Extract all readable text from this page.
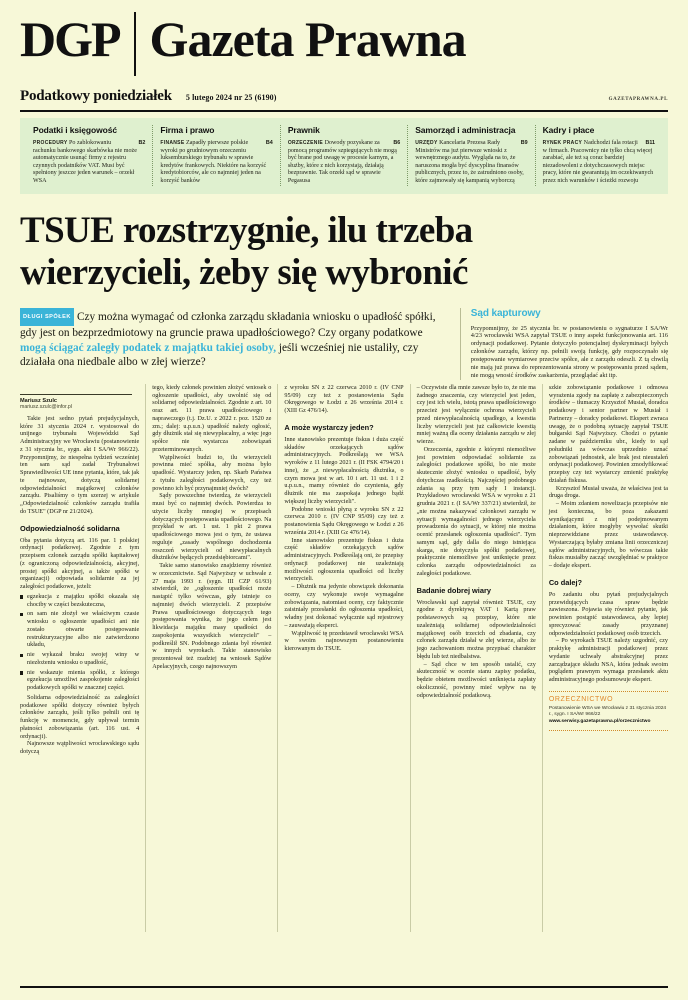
DGP Gazeta Prawna
Podatkowy poniedziałek 5 lutego 2024 nr 25 (6190)	GAZETAPRAWNA.PL
Podatki i księgowość

B2
PROCEDURY Po zablokowaniu rachunku bankowego skarbówka nie może automatycznie usunąć firmy z rejestru czynnych podatników VAT. Musi być spełniony jeszcze jeden warunek – orzekł WSA

Firma i prawo

B4
FINANSE Zapadły pierwsze polskie wyroki po grudniowym orzeczeniu luksemburskiego trybunału w sprawie kredytów frankowych. Niektóre na korzyść kredytobiorców, ale co najmniej jeden na korzyść banków

Prawnik

B6
ORZECZENIE Dowody pozyskane za pomocą programów szpiegujących nie mogą być brane pod uwagę w procesie karnym, a służby, które z nich korzystają, działają bezprawnie. Tak orzekł sąd w sprawie Pegasusa

Samorząd i administracja

B9
URZĘDY Kancelaria Prezesa Rady Ministrów ma już pierwsze wnioski z wewnętrznego audytu. Wygląda na to, że naruszona mogła być dyscyplina finansów publicznych, przez to, że zatrudniono osoby, które zajmowały się kampanią wyborczą

Kadry i płace

B11
RYNEK PRACY Nadchodzi fala rotacji w firmach. Pracownicy nie tylko chcą więcej zarabiać, ale też są coraz bardziej niezadowoleni z dotychczasowych miejsc pracy, które nie gwarantują im oczekiwanych przez nich warunków i ścieżki rozwoju

TSUE rozstrzygnie, ilu trzeba
wierzycieli, żeby się wybronić
DŁUGI SPÓŁEK Czy można wymagać od członka zarządu składania wniosku o upadłość spółki, gdy jest on bezprzedmiotowy na gruncie prawa upadłościowego? Czy organy podatkowe mogą ściągać zaległy podatek z majątku takiej osoby, jeśli wcześniej nie ustaliły, czy działała ona niedbale albo w złej wierze?
Sąd kapturowy

Przypomnijmy, że 25 stycznia br. w postanowieniu o sygnaturze I SA/Wr 4/23 wrocławski WSA zapytał TSUE o inny aspekt funkcjonowania art. 116 ordynacji podatkowej. Pytanie dotyczyło potencjalnej dyskryminacji byłych członków zarządu, którzy np. pełnili swoją funkcję, gdy rozpoczynało się postępowanie wymiarowe przeciw spółce, ale z zarządu odeszli. Z tą chwilą nie mają już prawa do reprezentowania strony w postępowaniu przed sądem, nie mogą wnosić środków zaskarżenia, przeglądać akt itp.

Mariusz Szulc
mariusz.szulc@infor.pl

Takie jest sedno pytań prejudycjalnych, które 31 stycznia 2024 r. wystosował do unijnego trybunału Wojewódzki Sąd Administracyjny we Wrocławiu (postanowienie z 31 stycznia br., sygn. akt I SA/Wr 966/22). Przypomnijmy, że niespełna tydzień wcześniej ten sam sąd zadał Trybunałowi Sprawiedliwości UE inne pytania, które, tak jak te najnowsze, dotyczą solidarnej odpowiedzialności majątkowej członków zarządu. Pisaliśmy o tym szerzej w artykule „Odpowiedzialność członków zarządu trafiła do TSUE" (DGP nr 21/2024).

Odpowiedzialność solidarna

Oba pytania dotyczą art. 116 par. 1 polskiej ordynacji podatkowej. Zgodnie z tym przepisem członek zarządu spółki kapitałowej (z ograniczoną odpowiedzialnością, akcyjnej, prostej spółki akcyjnej, a także spółki w organizacji) odpowiada solidarnie za jej zaległości podatkowe, jeżeli:

egzekucja z majątku spółki okazała się chociby w części bezskuteczna,
on sam nie złożył we właściwym czasie wniosku o ogłoszenie upadłości ani nie zostało otwarte postępowanie restrukturyzacyjne albo nie zatwierdzono układu,
nie wykazał braku swojej winy w niezłożeniu wniosku o upadłość,
nie wskazuje mienia spółki, z którego egzekucja umożliwi zaspokojenie zaległości podatkowych spółki w znacznej części.

Solidarna odpowiedzialność za zaległości podatkowe spółki dotyczy również byłych członków zarządu, jeśli tylko pełnili oni tę funkcję w momencie, gdy upływał termin płatności zobowiązania (art. 116 ust. 4 ordynacji).

Najnowsze wątpliwości wrocławskiego sądu dotyczą

tego, kiedy członek powinien złożyć wniosek o ogłoszenie upadłości, aby uwolnić się od solidarnej odpowiedzialności. Zgodnie z art. 10 oraz art. 11 prawa upadłościowego i naprawczego (t.j. Dz.U. z 2022 r. poz. 1520 ze zm.; dalej: u.p.u.n.) upadłość należy ogłosić, gdy dłużnik stał się niewypłacalny, a więc jego spółce nie wystarcza zobowiązań przeterminowanych.

Wątpliwości budzi to, ilu wierzycieli powinna mieć spółka, aby można było upadłość. Wystarczy jeden, np. Skarb Państwa z tytułu zaległości podatkowych, czy też powinno ich być przynajmniej dwóch?

Sądy powszechne twierdzą, że wierzycieli musi być co najmniej dwóch. Powierdza to użycie liczby mnogiej w przepisach dotyczących postępowania upadłościowego. Na przykład w art. 1 ust. 1 pkt 2 prawa upadłościowego mowa jest o tym, że ustawa reguluje „zasady wspólnego dochodzenia roszczeń wierzycieli od niewypłacalnych dłużników będących przedsiębiorcami".

Takie samo stanowisko znajdziemy również w orzecznictwie. Sąd Najwyższy w uchwale z 27 maja 1993 r. (sygn. III CZP 61/93) stwierdził, że „ogłoszenie upadłości może nastąpić tylko wówczas, gdy istnieje co najmniej dwóch wierzycieli. Z przepisów Prawa upadłościowego dotyczących tego postępowania wynika, że jego celem jest likwidacja majątku masy upadłości do zaspokojenia wszystkich wierzycieli" – podkreślił SN. Podobnego zdania był również w innych wyrokach. Takie stanowisko prezentował też rzadziej na wniosek Sądów Apelacyjnych, czego najnowszym

z wyroku SN z 22 czerwca 2010 r. (IV CNP 95/09) czy też z postanowienia Sądu Okręgowego w Łodzi z 26 września 2014 r. (XIII Gz 476/14).

A może wystarczy jeden?

Inne stanowisko prezentuje fiskus i duża część składów orzekających sądów administracyjnych. Podkreślają we WSA wyroków z 11 lutego 2021 r. (II FSK 4794/20 i inne), że „z niewypłacalnością dłużnika, o czym mowa jest w art. 10 i art. 11 ust. 1 i 2 u.p.u.n., mamy również do czynienia, gdy dłużnik nie ma zaspokaja jednego bądź większej liczby wierzycieli".

Podobne wnioski płyną z wyroku SN z 22 czerwca 2010 r. (IV CNP 95/09) czy też z postanowienia Sądu Okręgowego w Łodzi z 26 września 2014 r. (XIII Gz 476/14).

Inne stanowisko prezentuje fiskus i duża część składów orzekających sądów administracyjnych. Podkreślają oni, że przepisy ordynacji podatkowej nie uzależniają możliwości ogłoszenia upadłości od liczby wierzycieli.

– Dłużnik ma jedynie obowiązek dokonania oceny, czy wykonuje swoje wymagalne zobowiązania, natomiast oceny, czy faktycznie zaistniały przesłanki do ogłoszenia upadłości, władny jest dokonać wyłącznie sąd rejestrowy – zauważają eksperci.

Wątpliwość tę przedstawił wrocławski WSA w swoim najnowszym postanowieniu kierowanym do TSUE.

– Oczywiste dla mnie zawsze było to, że nie ma żadnego znaczenia, czy wierzyciel jest jeden, czy jest ich wielu, istotą prawa upadłościowego przecież jest wyłącznie ochrona wierzycieli przed niewypłacalnością upadłego, a kwestia liczby wierzycieli jest już całkowicie kwestią mniej ważną dla oceny działania zarządu w złej wierze.

Orzeczenia, zgodnie z którymi niemożliwe jest powinien odpowiadać solidarnie za zaległości podatkowe spółki, bo nie może skutecznie złożyć wniosku o upadłość, były dotychczas rzadkością. Najczęściej podobnego zdania są przy tym sądy I instancji. Przykładowo wrocławski WSA w wyroku z 21 grudnia 2021 r. (I SA/Wr 337/21) stwierdził, że „nie można nakazywać członkowi zarządu w sytuacji wymagalności jednego wierzyciela prowadzenia do sytuacji, w której nie można ocenić przesłanek ogłoszenia upadłości". Tym samym sąd, gdy dalla do niego istniejąca skarga, nie dotyczyła spółki podatkowej, praktycznie niemożliwe jest uniknięcie przez członka zarządu odpowiedzialności za zaległości podatkowe.

Badanie dobrej wiary

Wrocławski sąd zapytał również TSUE, czy zgodne z dyrektywą VAT i Kartą praw podstawowych są przepisy, które nie uzależniają solidarnej odpowiedzialności majątkowej osób trzecich od zbadania, czy członek zarządu działał w złej wierze, albo że jego zachowaniom można przypisać charakter błędu lub też niedbalstwa.

– Sąd chce w ten sposób ustalić, czy skuteczność w ocenie stanu zapisy podatku, będzie obietem możliwości uniknięcia zapłaty okoliczność, powinny mieć wpływ na tę odpowiedzialność podatkową.

szkie zobowiązanie podatkowe i odmowa wyrażenia zgody na zapłatę z zabezpieczonych środków – tłumaczy Krzysztof Musiał, doradca podatkowy i senior partner w Musiał i Partnerzy – doradcy podatkowi. Ekspert zwraca uwagę, że o podobną sytuację zapytał TSUE bułgarski Sąd Najwyższy. Chodzi o pytanie zadane w październiku ubr., kiedy to sąd południki za wówczas uprzednio uznać zobowiązań jednostek, ale brak jest nieustaleń ordynacji podatkowej. Powinien zmodyfikować przepisy czy też wystarczy zmienić praktykę działań fiskusa.

Krzysztof Musiał uważa, że właściwa jest ta druga droga.

– Moim zdaniem nowelizacja przepisów nie jest konieczna, bo poza zakazami wynikającymi z niej podejmowanym działaniom, które mogłyby wywołać skutki nieprzewidziane przez ustawodawcę. Wystarczającą byłaby zmiana linii orzeczniczej sądów administracyjnych, bo wówczas takie fiskus musiałby zacząć uwzględniać w praktyce – dodaje ekspert.

Co dalej?

Po zadaniu obu pytań prejudycjalnych przewidujących czasa spraw będzie zawieszona. Pojawia się również pytanie, jak powinien postąpić ustawodawca, aby lepiej sprecyzować zasady przyznanej odpowiedzialności podatkowej osób trzecich.

– Po wyrokach TSUE należy uzgodnić, czy praktykę administracji podatkowej przez wydanie uchwały abstrakcyjnej przez zarządzające składu NSA, która jednak swoim poglądem prawnym wymaga przesłanek aktu administracyjnego podsumowuje ekspert.

ORZECZNICTWO

Postanowienie WSA we Wrocławiu z 31 stycznia 2024 r., sygn. I SA/Wr 966/22

www.serwisy.gazetaprawna.pl/orzecznictwo
